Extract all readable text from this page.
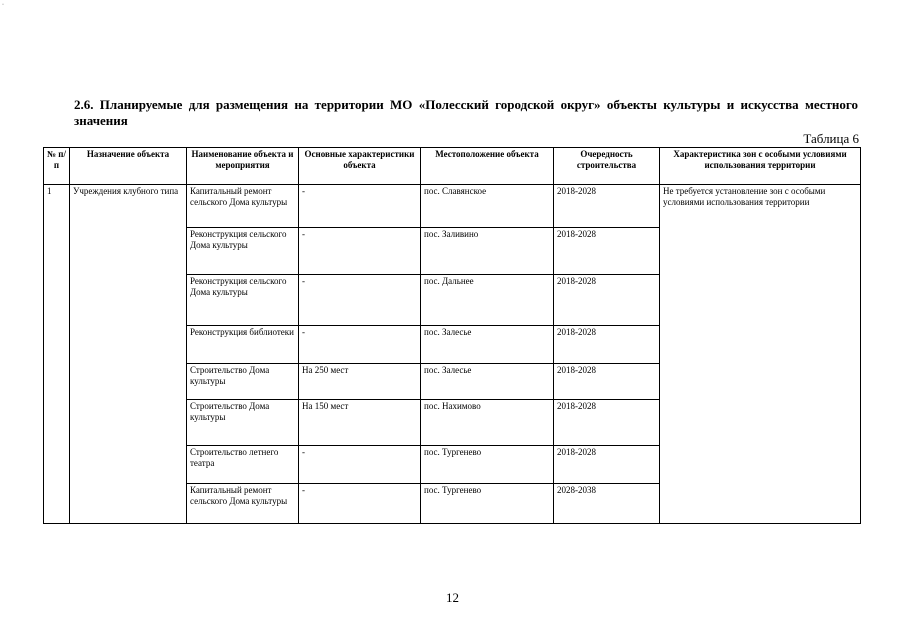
·
2.6. Планируемые для размещения на территории МО «Полесский городской округ» объекты культуры и искусства местного значения
Таблица 6
№ п/п	Назначение объекта	Наименование объекта и мероприятия	Основные характеристики объекта	Местоположение объекта	Очередность строительства	Характеристика зон с особыми условиями использования территории
1	Учреждения клубного типа	Капитальный ремонт сельского Дома культуры	-	пос. Славянское	2018-2028	Не требуется установление зон с особыми условиями использования территории
		Реконструкция сельского Дома культуры	-	пос. Заливино	2018-2028	
		Реконструкция сельского Дома культуры	-	пос. Дальнее	2018-2028	
		Реконструкция библиотеки	-	пос. Залесье	2018-2028	
		Строительство Дома культуры	На 250 мест	пос. Залесье	2018-2028	
		Строительство Дома культуры	На 150 мест	пос. Нахимово	2018-2028	
		Строительство летнего театра	-	пос. Тургенево	2018-2028	
		Капитальный ремонт сельского Дома культуры	-	пос. Тургенево	2028-2038	
12
